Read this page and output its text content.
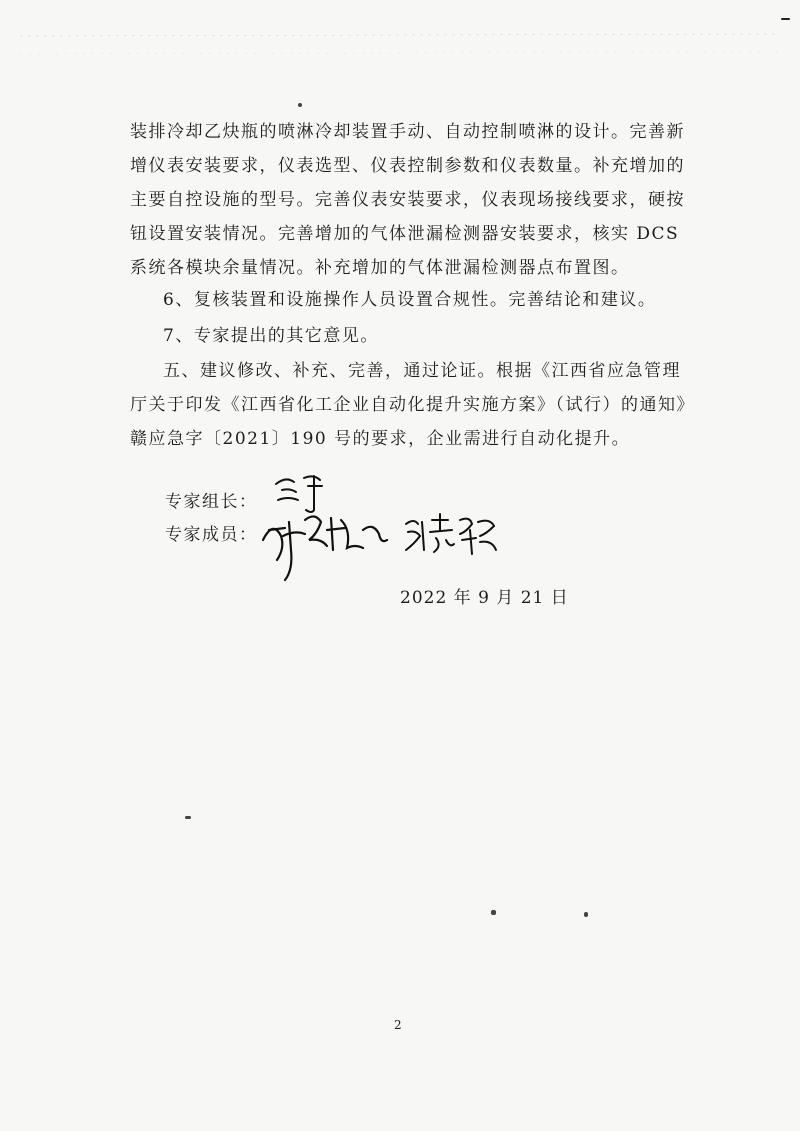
装排冷却乙炔瓶的喷淋冷却装置手动、自动控制喷淋的设计。完善新
增仪表安装要求，仪表选型、仪表控制参数和仪表数量。补充增加的
主要自控设施的型号。完善仪表安装要求，仪表现场接线要求，硬按
钮设置安装情况。完善增加的气体泄漏检测器安装要求，核实 DCS
系统各模块余量情况。补充增加的气体泄漏检测器点布置图。
6、复核装置和设施操作人员设置合规性。完善结论和建议。
7、专家提出的其它意见。
五、建议修改、补充、完善，通过论证。根据《江西省应急管理
厅关于印发《江西省化工企业自动化提升实施方案》（试行）的通知》
赣应急字〔2021〕190 号的要求，企业需进行自动化提升。
专家组长：
专家成员：
2022 年 9 月 21 日
2
